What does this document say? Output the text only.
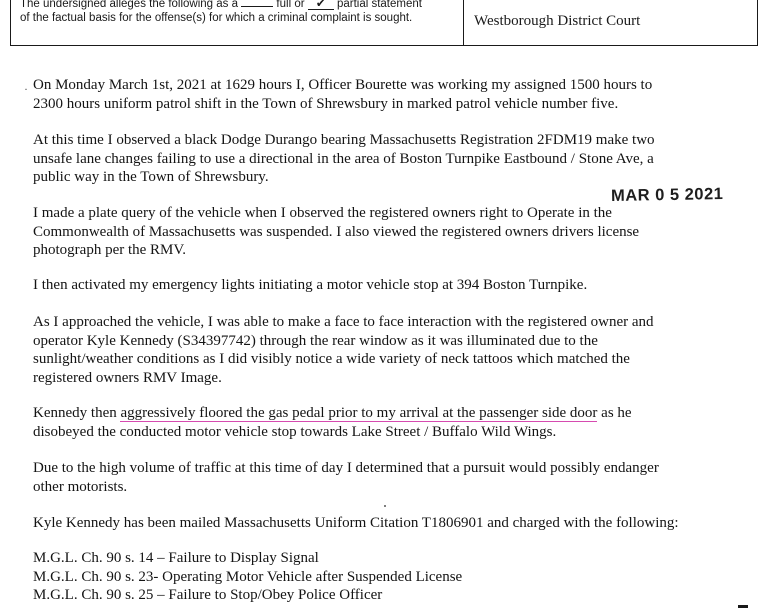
The undersigned alleges the following as a	full or ✔ partial statement
of the factual basis for the offense(s) for which a criminal complaint is sought.	Westborough District Court
·
MAR 0 5 2021
On Monday March 1st, 2021 at 1629 hours I, Officer Bourette was working my assigned 1500 hours to
2300 hours uniform patrol shift in the Town of Shrewsbury in marked patrol vehicle number five.
At this time I observed a black Dodge Durango bearing Massachusetts Registration 2FDM19 make two
unsafe lane changes failing to use a directional in the area of Boston Turnpike Eastbound / Stone Ave, a
public way in the Town of Shrewsbury.
I made a plate query of the vehicle when I observed the registered owners right to Operate in the
Commonwealth of Massachusetts was suspended. I also viewed the registered owners drivers license
photograph per the RMV.
I then activated my emergency lights initiating a motor vehicle stop at 394 Boston Turnpike.
As I approached the vehicle, I was able to make a face to face interaction with the registered owner and
operator Kyle Kennedy (S34397742) through the rear window as it was illuminated due to the
sunlight/weather conditions as I did visibly notice a wide variety of neck tattoos which matched the
registered owners RMV Image.
Kennedy then aggressively floored the gas pedal prior to my arrival at the passenger side door as he
disobeyed the conducted motor vehicle stop towards Lake Street / Buffalo Wild Wings.
Due to the high volume of traffic at this time of day I determined that a pursuit would possibly endanger
other motorists.
Kyle Kennedy has been mailed Massachusetts Uniform Citation T1806901 and charged with the following:
M.G.L. Ch. 90 s. 14 – Failure to Display Signal
M.G.L. Ch. 90 s. 23- Operating Motor Vehicle after Suspended License
M.G.L. Ch. 90 s. 25 – Failure to Stop/Obey Police Officer
